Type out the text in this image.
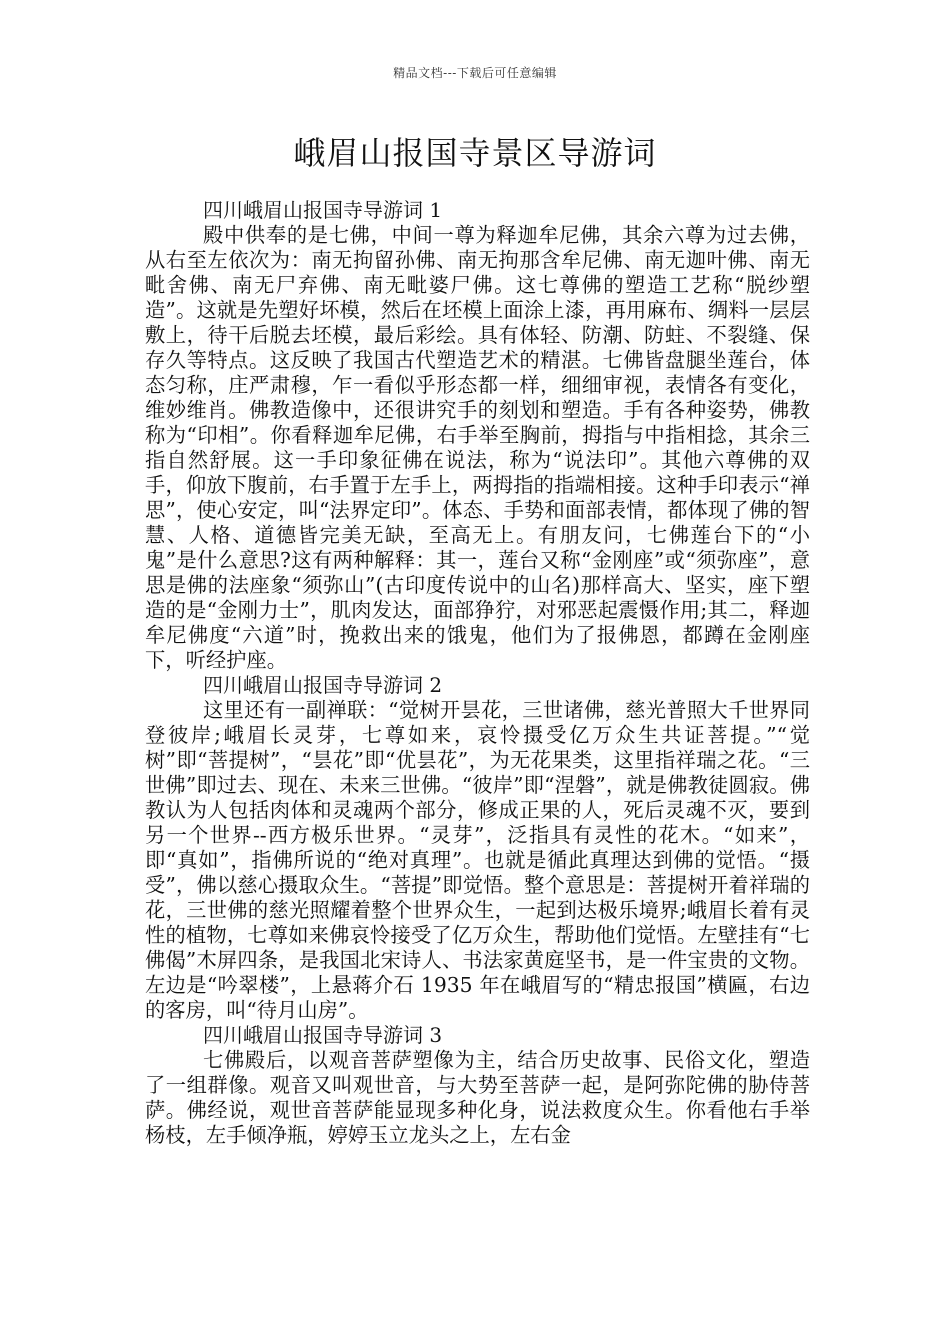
精品文档---下载后可任意编辑
峨眉山报国寺景区导游词

四川峨眉山报国寺导游词 1

殿中供奉的是七佛，中间一尊为释迦牟尼佛，其余六尊为过去佛，从右至左依次为：南无拘留孙佛、南无拘那含牟尼佛、南无迦叶佛、南无毗舍佛、南无尸弃佛、南无毗婆尸佛。这七尊佛的塑造工艺称“脱纱塑造”。这就是先塑好坏模，然后在坯模上面涂上漆，再用麻布、绸料一层层敷上，待干后脱去坯模，最后彩绘。具有体轻、防潮、防蛀、不裂缝、保存久等特点。这反映了我国古代塑造艺术的精湛。七佛皆盘腿坐莲台，体态匀称，庄严肃穆，乍一看似乎形态都一样，细细审视，表情各有变化，维妙维肖。佛教造像中，还很讲究手的刻划和塑造。手有各种姿势，佛教称为“印相”。你看释迦牟尼佛，右手举至胸前，拇指与中指相捻，其余三指自然舒展。这一手印象征佛在说法，称为“说法印”。其他六尊佛的双手，仰放下腹前，右手置于左手上，两拇指的指端相接。这种手印表示“禅思”，使心安定，叫“法界定印”。体态、手势和面部表情，都体现了佛的智慧、人格、道德皆完美无缺，至高无上。有朋友问，七佛莲台下的“小鬼”是什么意思?这有两种解释：其一，莲台又称“金刚座”或“须弥座”，意思是佛的法座象“须弥山”(古印度传说中的山名)那样高大、坚实，座下塑造的是“金刚力士”，肌肉发达，面部狰狞，对邪恶起震慑作用;其二，释迦牟尼佛度“六道”时，挽救出来的饿鬼，他们为了报佛恩，都蹲在金刚座下，听经护座。

四川峨眉山报国寺导游词 2

这里还有一副禅联：“觉树开昙花，三世诸佛，慈光普照大千世界同登彼岸;峨眉长灵芽，七尊如来，哀怜摄受亿万众生共证菩提。”“觉树”即“菩提树”，“昙花”即“优昙花”，为无花果类，这里指祥瑞之花。“三世佛”即过去、现在、未来三世佛。“彼岸”即“涅磐”，就是佛教徒圆寂。佛教认为人包括肉体和灵魂两个部分，修成正果的人，死后灵魂不灭，要到另一个世界--西方极乐世界。“灵芽”，泛指具有灵性的花木。“如来”，即“真如”，指佛所说的“绝对真理”。也就是循此真理达到佛的觉悟。“摄受”，佛以慈心摄取众生。“菩提”即觉悟。整个意思是：菩提树开着祥瑞的花，三世佛的慈光照耀着整个世界众生，一起到达极乐境界;峨眉长着有灵性的植物，七尊如来佛哀怜接受了亿万众生，帮助他们觉悟。左壁挂有“七佛偈”木屏四条，是我国北宋诗人、书法家黄庭坚书，是一件宝贵的文物。左边是“吟翠楼”，上悬蒋介石 1935 年在峨眉写的“精忠报国”横匾，右边的客房，叫“待月山房”。

四川峨眉山报国寺导游词 3

七佛殿后，以观音菩萨塑像为主，结合历史故事、民俗文化，塑造了一组群像。观音又叫观世音，与大势至菩萨一起，是阿弥陀佛的胁侍菩萨。佛经说，观世音菩萨能显现多种化身，说法救度众生。你看他右手举杨枝，左手倾净瓶，婷婷玉立龙头之上，左右金
